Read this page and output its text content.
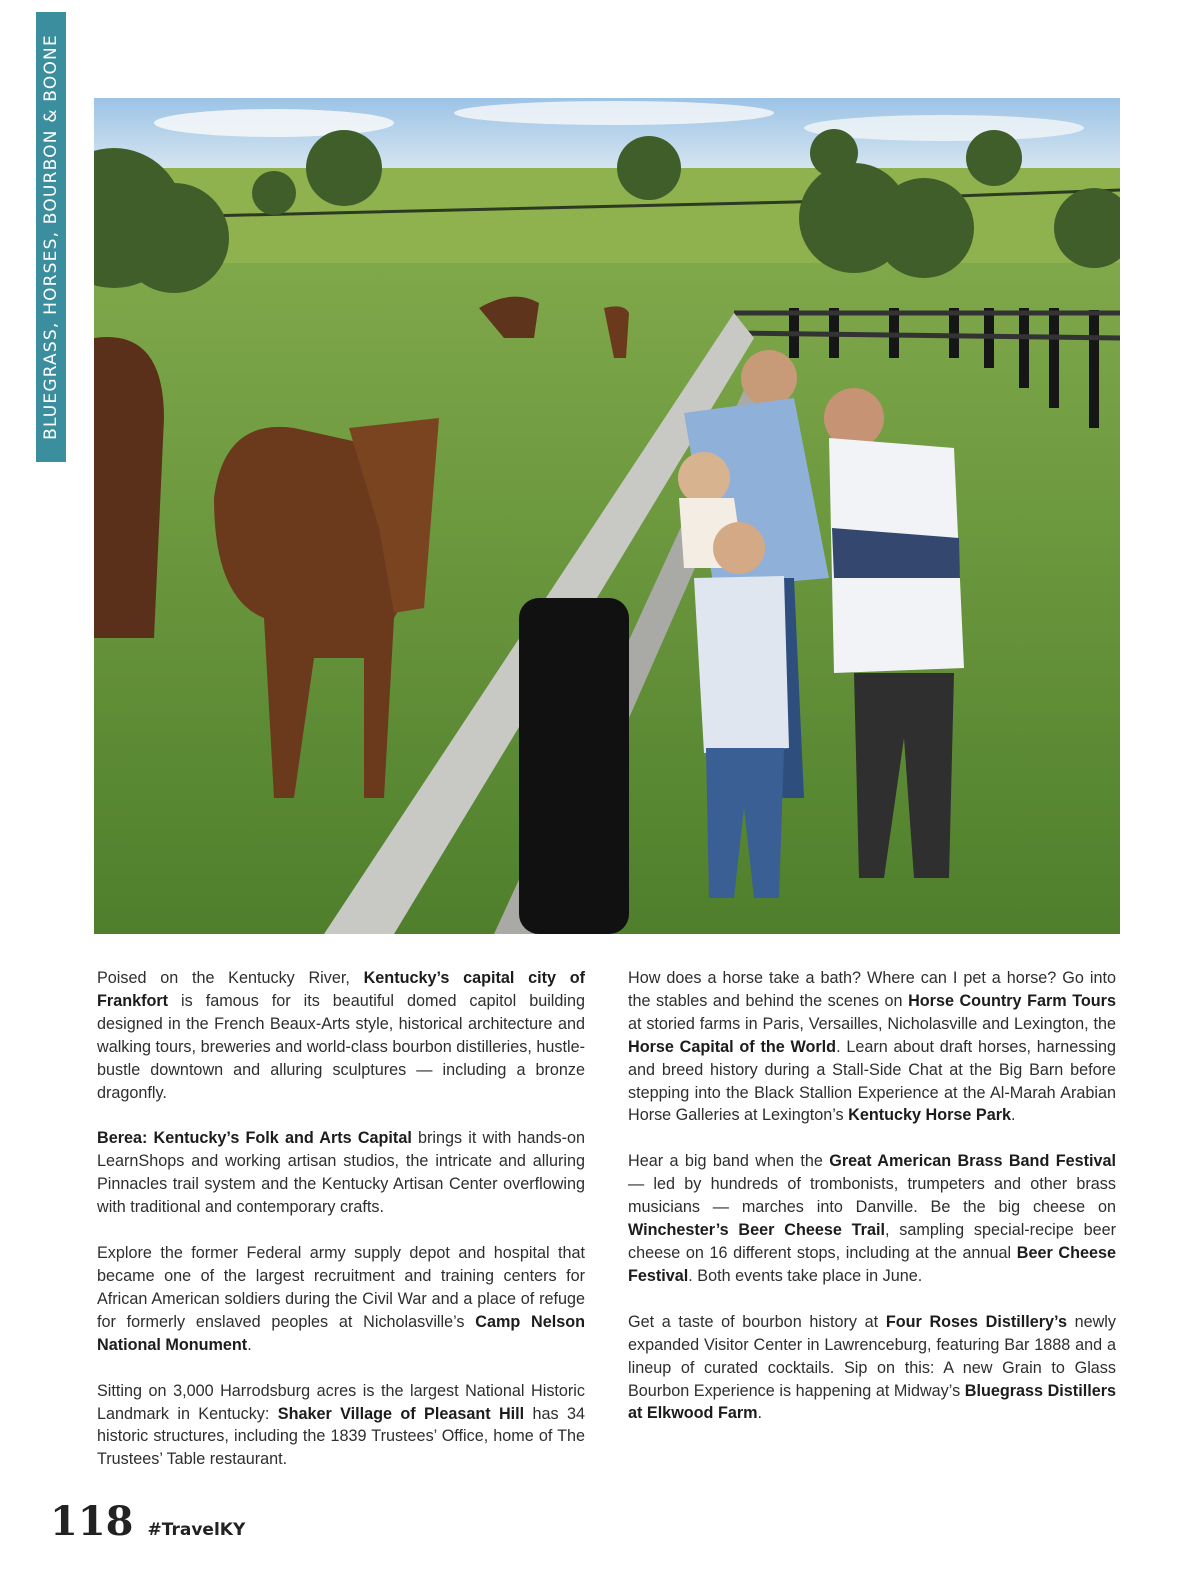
BLUEGRASS, HORSES, BOURBON & BOONE

Poised on the Kentucky River, Kentucky’s capital city of Frankfort is famous for its beautiful domed capitol building designed in the French Beaux-Arts style, historical architecture and walking tours, breweries and world-class bourbon distilleries, hustle-bustle downtown and alluring sculptures — including a bronze dragonfly.

Berea: Kentucky’s Folk and Arts Capital brings it with hands-on LearnShops and working artisan studios, the intricate and alluring Pinnacles trail system and the Kentucky Artisan Center overflowing with traditional and contemporary crafts.

Explore the former Federal army supply depot and hospital that became one of the largest recruitment and training centers for African American soldiers during the Civil War and a place of refuge for formerly enslaved peoples at Nicholasville’s Camp Nelson National Monument.

Sitting on 3,000 Harrodsburg acres is the largest National Historic Landmark in Kentucky: Shaker Village of Pleasant Hill has 34 historic structures, including the 1839 Trustees’ Office, home of The Trustees’ Table restaurant.

How does a horse take a bath? Where can I pet a horse? Go into the stables and behind the scenes on Horse Country Farm Tours at storied farms in Paris, Versailles, Nicholasville and Lexington, the Horse Capital of the World. Learn about draft horses, harnessing and breed history during a Stall-Side Chat at the Big Barn before stepping into the Black Stallion Experience at the Al-Marah Arabian Horse Galleries at Lexington’s Kentucky Horse Park.

Hear a big band when the Great American Brass Band Festival — led by hundreds of trombonists, trumpeters and other brass musicians — marches into Danville. Be the big cheese on Winchester’s Beer Cheese Trail, sampling special-recipe beer cheese on 16 different stops, including at the annual Beer Cheese Festival. Both events take place in June.

Get a taste of bourbon history at Four Roses Distillery’s newly expanded Visitor Center in Lawrenceburg, featuring Bar 1888 and a lineup of curated cocktails. Sip on this: A new Grain to Glass Bourbon Experience is happening at Midway’s Bluegrass Distillers at Elkwood Farm.

118 #TravelKY
